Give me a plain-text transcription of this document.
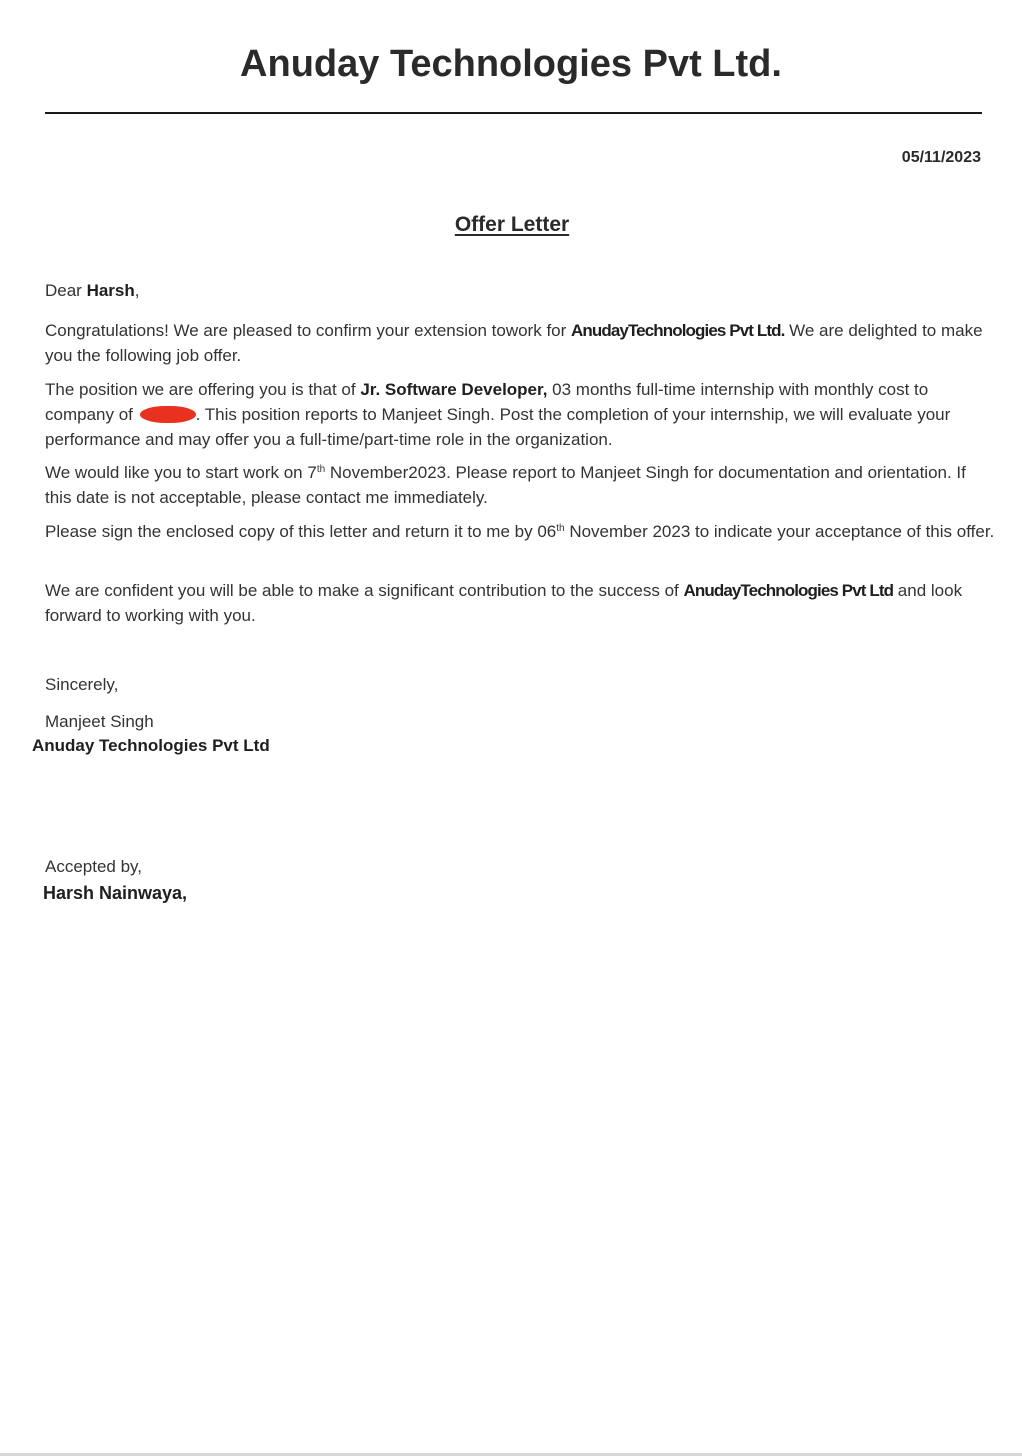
Anuday Technologies Pvt Ltd.
05/11/2023
Offer Letter

Dear Harsh,

Congratulations! We are pleased to confirm your extension towork for AnudayTechnologies Pvt Ltd. We are delighted to make you the following job offer.

The position we are offering you is that of Jr. Software Developer, 03 months full-time internship with monthly cost to company of	. This position reports to Manjeet Singh. Post the completion of your internship, we will evaluate your performance and may offer you a full-time/part-time role in the organization.

We would like you to start work on 7th November2023. Please report to Manjeet Singh for documentation and orientation. If this date is not acceptable, please contact me immediately.

Please sign the enclosed copy of this letter and return it to me by 06th November 2023 to indicate your acceptance of this offer.

We are confident you will be able to make a significant contribution to the success of AnudayTechnologies Pvt Ltd and look forward to working with you.

Sincerely,

Manjeet Singh
Anuday Technologies Pvt Ltd
Accepted by,
Harsh Nainwaya,
